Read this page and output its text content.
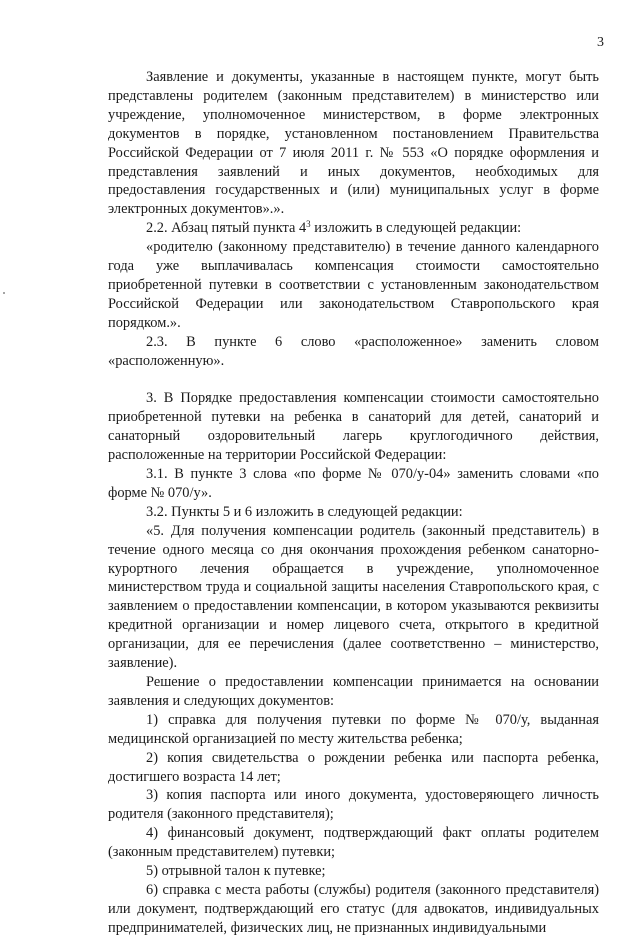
3

Заявление и документы, указанные в настоящем пункте, могут быть представлены родителем (законным представителем) в министерство или учреждение, уполномоченное министерством, в форме электронных документов в порядке, установленном постановлением Правительства Российской Федерации от 7 июля 2011 г. № 553 «О порядке оформления и представления заявлений и иных документов, необходимых для предоставления государственных и (или) муниципальных услуг в форме электронных документов».».

2.2. Абзац пятый пункта $4^3$ изложить в следующей редакции:

«родителю (законному представителю) в течение данного календарного года уже выплачивалась компенсация стоимости самостоятельно приобретенной путевки в соответствии с установленным законодательством Российской Федерации или законодательством Ставропольского края порядком.».

2.3. В пункте 6 слово «расположенное» заменить словом «расположенную».

3. В Порядке предоставления компенсации стоимости самостоятельно приобретенной путевки на ребенка в санаторий для детей, санаторий и санаторный оздоровительный лагерь круглогодичного действия, расположенные на территории Российской Федерации:

3.1. В пункте 3 слова «по форме № 070/у-04» заменить словами «по форме № 070/у».

3.2. Пункты 5 и 6 изложить в следующей редакции:

«5. Для получения компенсации родитель (законный представитель) в течение одного месяца со дня окончания прохождения ребенком санаторно-курортного лечения обращается в учреждение, уполномоченное министерством труда и социальной защиты населения Ставропольского края, с заявлением о предоставлении компенсации, в котором указываются реквизиты кредитной организации и номер лицевого счета, открытого в кредитной организации, для ее перечисления (далее соответственно – министерство, заявление).

Решение о предоставлении компенсации принимается на основании заявления и следующих документов:

1) справка для получения путевки по форме № 070/у, выданная медицинской организацией по месту жительства ребенка;

2) копия свидетельства о рождении ребенка или паспорта ребенка, достигшего возраста 14 лет;

3) копия паспорта или иного документа, удостоверяющего личность родителя (законного представителя);

4) финансовый документ, подтверждающий факт оплаты родителем (законным представителем) путевки;

5) отрывной талон к путевке;

6) справка с места работы (службы) родителя (законного представителя) или документ, подтверждающий его статус (для адвокатов, индивидуальных предпринимателей, физических лиц, не признанных индивидуальными
